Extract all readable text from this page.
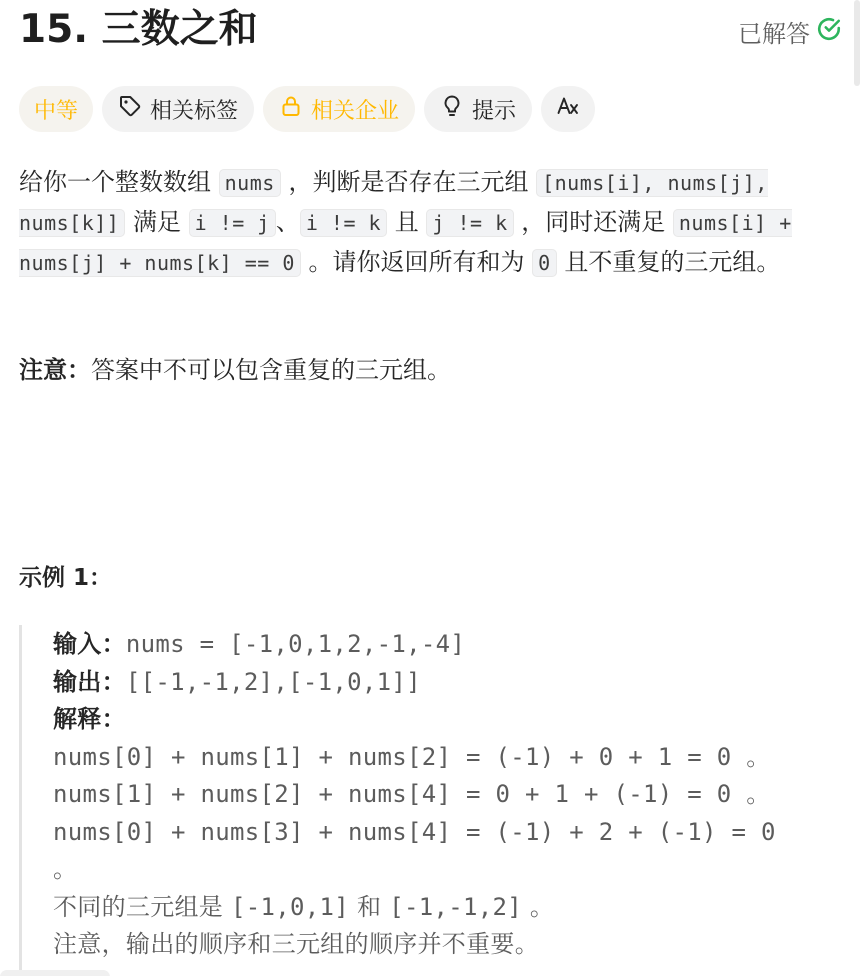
15. 三数之和	已解答
中等	相关标签	相关企业	提示

给你一个整数数组 nums ，判断是否存在三元组 [nums[i], nums[j], nums[k]] 满足 i != j 、 i != k 且 j != k ，同时还满足 nums[i] + nums[j] + nums[k] == 0 。请你返回所有和为 0 且不重复的三元组。

注意：答案中不可以包含重复的三元组。
示例 1：
输入：nums = [-1,0,1,2,-1,-4]
输出：[[-1,-1,2],[-1,0,1]]
解释：
nums[0] + nums[1] + nums[2] = (-1) + 0 + 1 = 0 。
nums[1] + nums[2] + nums[4] = 0 + 1 + (-1) = 0 。
nums[0] + nums[3] + nums[4] = (-1) + 2 + (-1) = 0
。
不同的三元组是 [-1,0,1] 和 [-1,-1,2] 。
注意，输出的顺序和三元组的顺序并不重要。
